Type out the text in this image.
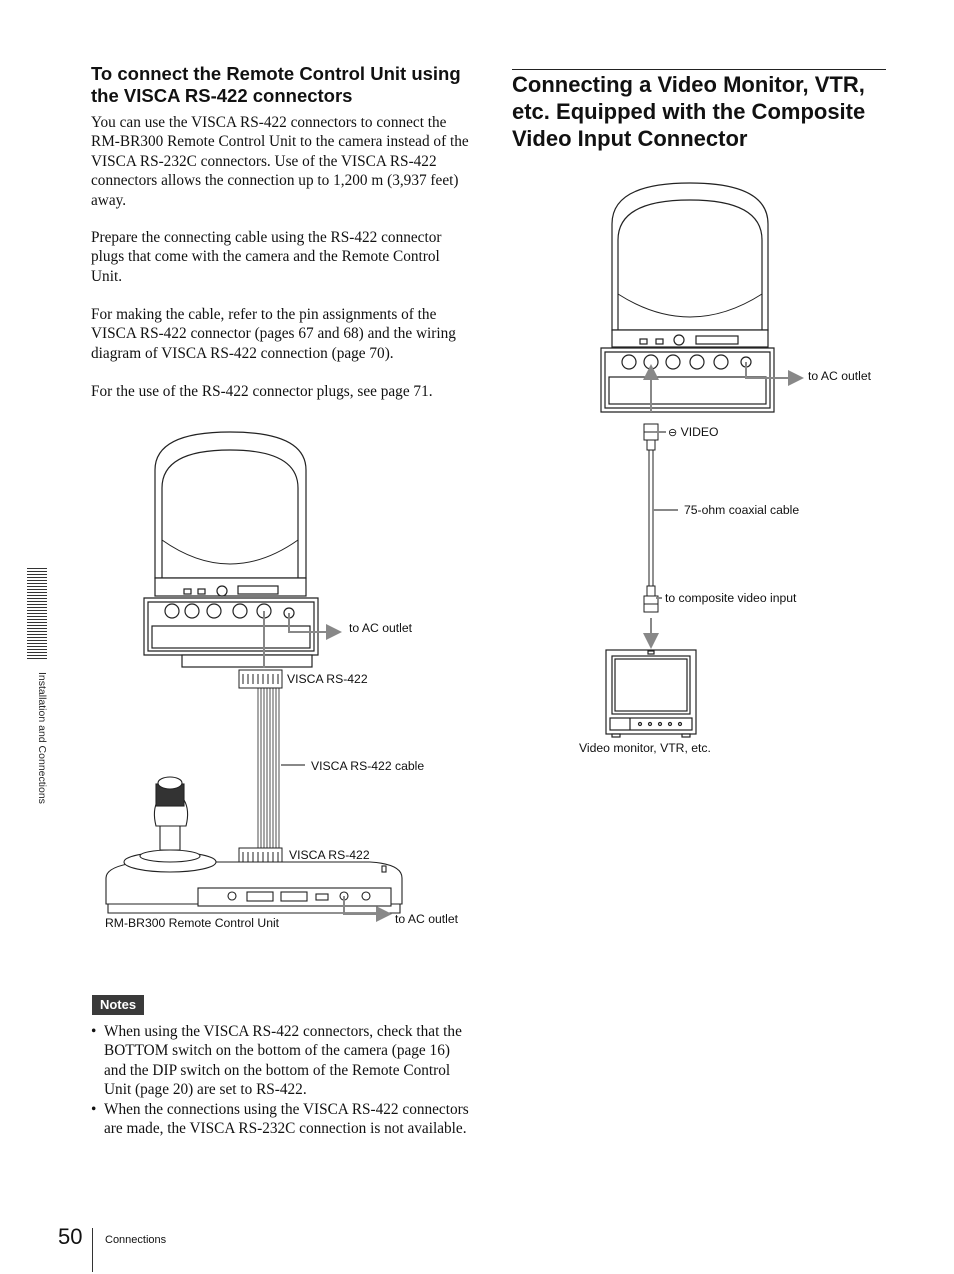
To connect the Remote Control Unit using the VISCA RS-422 connectors

You can use the VISCA RS-422 connectors to connect the RM-BR300 Remote Control Unit to the camera instead of the VISCA RS-232C connectors. Use of the VISCA RS-422 connectors allows the connection up to 1,200 m (3,937 feet) away.

Prepare the connecting cable using the RS-422 connector plugs that come with the camera and the Remote Control Unit.

For making the cable, refer to the pin assignments of the VISCA RS-422 connector (pages 67 and 68) and the wiring diagram of VISCA RS-422 connection (page 70).

For the use of the RS-422 connector plugs, see page 71.

Connecting a Video Monitor, VTR, etc. Equipped with the Composite Video Input Connector
to AC outlet
VISCA RS-422
VISCA RS-422 cable
VISCA RS-422
RM-BR300 Remote Control Unit	to AC outlet
to AC outlet
⊖ VIDEO
75-ohm coaxial cable
to composite video input
Video monitor, VTR, etc.
Notes
• When using the VISCA RS-422 connectors, check that the BOTTOM switch on the bottom of the camera (page 16) and the DIP switch on the bottom of the Remote Control Unit (page 20) are set to RS-422.
• When the connections using the VISCA RS-422 connectors are made, the VISCA RS-232C connection is not available.
Installation and Connections
50 Connections
